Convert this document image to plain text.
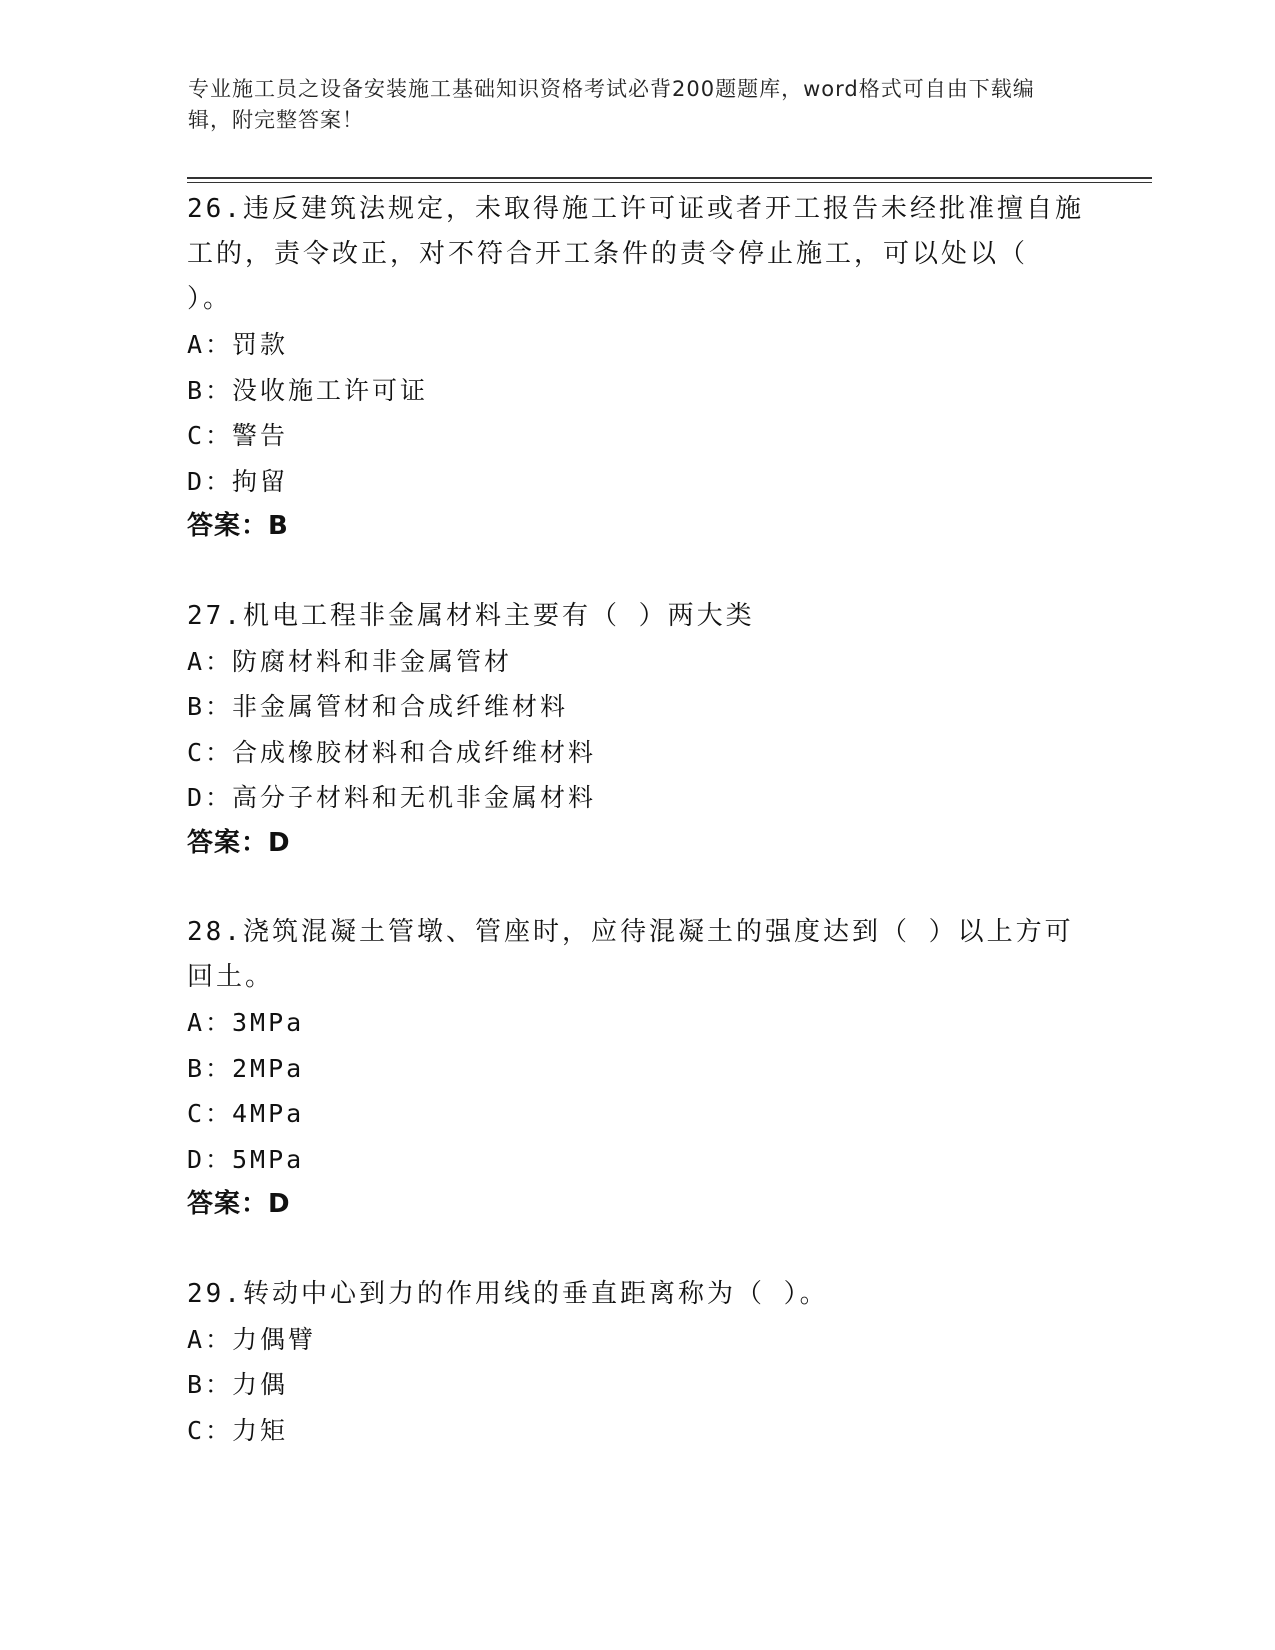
专业施工员之设备安装施工基础知识资格考试必背200题题库，word格式可自由下载编辑，附完整答案！

26.违反建筑法规定，未取得施工许可证或者开工报告未经批准擅自施工的，责令改正，对不符合开工条件的责令停止施工，可以处以（ ）。

A：罚款
B：没收施工许可证
C：警告
D：拘留
答案：B

27.机电工程非金属材料主要有（ ）两大类

A：防腐材料和非金属管材
B：非金属管材和合成纤维材料
C：合成橡胶材料和合成纤维材料
D：高分子材料和无机非金属材料
答案：D

28.浇筑混凝土管墩、管座时，应待混凝土的强度达到（ ）以上方可回土。

A：3MPa
B：2MPa
C：4MPa
D：5MPa
答案：D

29.转动中心到力的作用线的垂直距离称为（ ）。

A：力偶臂
B：力偶
C：力矩
